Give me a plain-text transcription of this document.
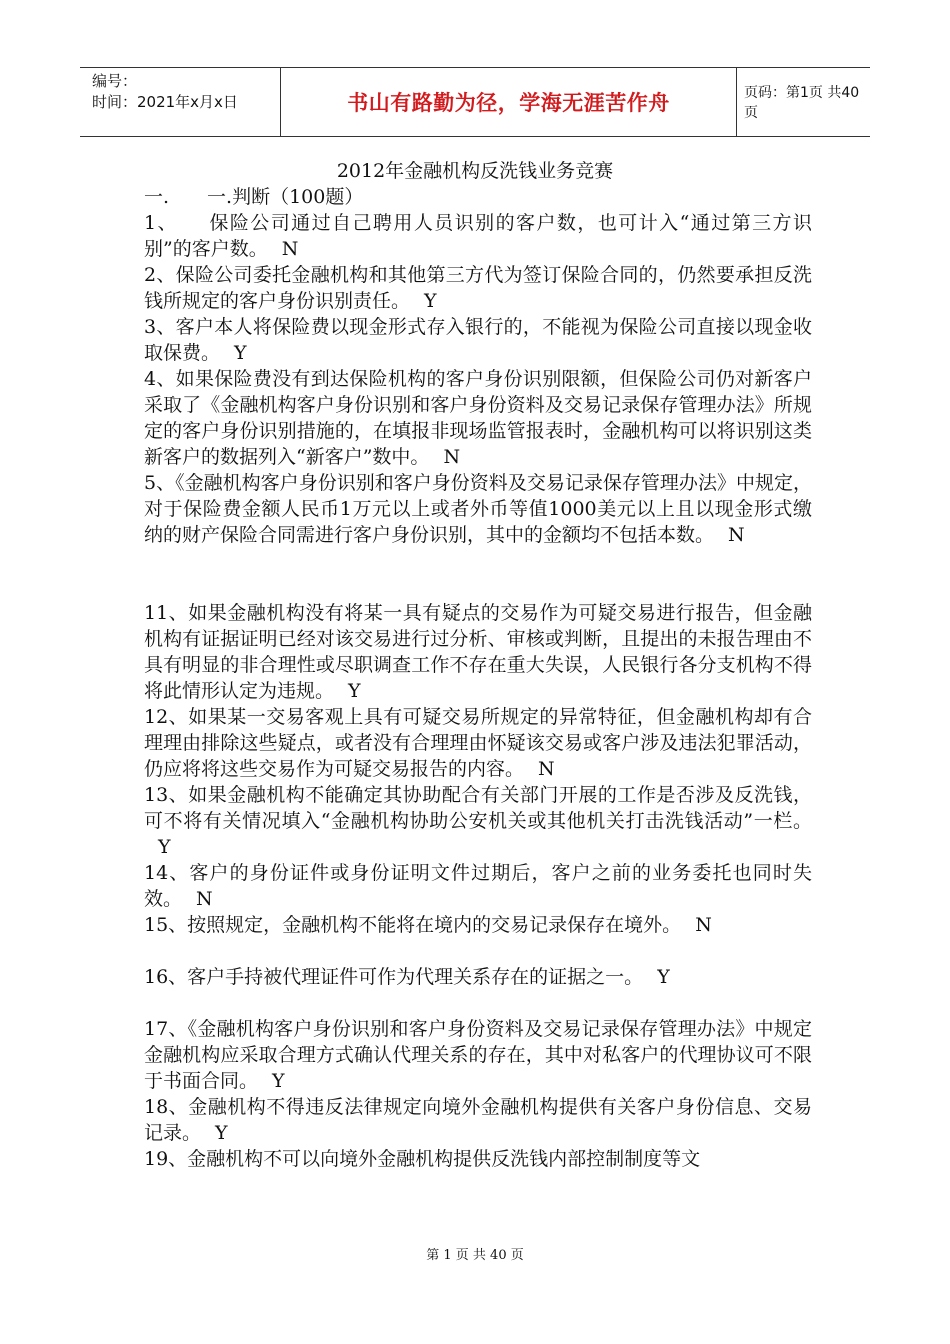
编号：
时间：2021年x月x日	书山有路勤为径，学海无涯苦作舟	页码：第1页 共40页
2012年金融机构反洗钱业务竞赛

一.　　一.判断（100题）

1、　　保险公司通过自己聘用人员识别的客户数，也可计入“通过第三方识别”的客户数。 N

2、保险公司委托金融机构和其他第三方代为签订保险合同的，仍然要承担反洗钱所规定的客户身份识别责任。 Y

3、客户本人将保险费以现金形式存入银行的，不能视为保险公司直接以现金收取保费。 Y

4、如果保险费没有到达保险机构的客户身份识别限额，但保险公司仍对新客户采取了《金融机构客户身份识别和客户身份资料及交易记录保存管理办法》所规定的客户身份识别措施的，在填报非现场监管报表时，金融机构可以将识别这类新客户的数据列入“新客户”数中。 N

5、《金融机构客户身份识别和客户身份资料及交易记录保存管理办法》中规定，对于保险费金额人民币1万元以上或者外币等值1000美元以上且以现金形式缴纳的财产保险合同需进行客户身份识别，其中的金额均不包括本数。 N

11、如果金融机构没有将某一具有疑点的交易作为可疑交易进行报告，但金融机构有证据证明已经对该交易进行过分析、审核或判断，且提出的未报告理由不具有明显的非合理性或尽职调查工作不存在重大失误，人民银行各分支机构不得将此情形认定为违规。 Y

12、如果某一交易客观上具有可疑交易所规定的异常特征，但金融机构却有合理理由排除这些疑点，或者没有合理理由怀疑该交易或客户涉及违法犯罪活动，仍应将将这些交易作为可疑交易报告的内容。 N

13、如果金融机构不能确定其协助配合有关部门开展的工作是否涉及反洗钱，可不将有关情况填入“金融机构协助公安机关或其他机关打击洗钱活动”一栏。Y

14、客户的身份证件或身份证明文件过期后，客户之前的业务委托也同时失效。 N

15、按照规定，金融机构不能将在境内的交易记录保存在境外。 N

16、客户手持被代理证件可作为代理关系存在的证据之一。 Y

17、《金融机构客户身份识别和客户身份资料及交易记录保存管理办法》中规定金融机构应采取合理方式确认代理关系的存在，其中对私客户的代理协议可不限于书面合同。 Y

18、金融机构不得违反法律规定向境外金融机构提供有关客户身份信息、交易记录。 Y

19、金融机构不可以向境外金融机构提供反洗钱内部控制制度等文

第 1 页 共 40 页
